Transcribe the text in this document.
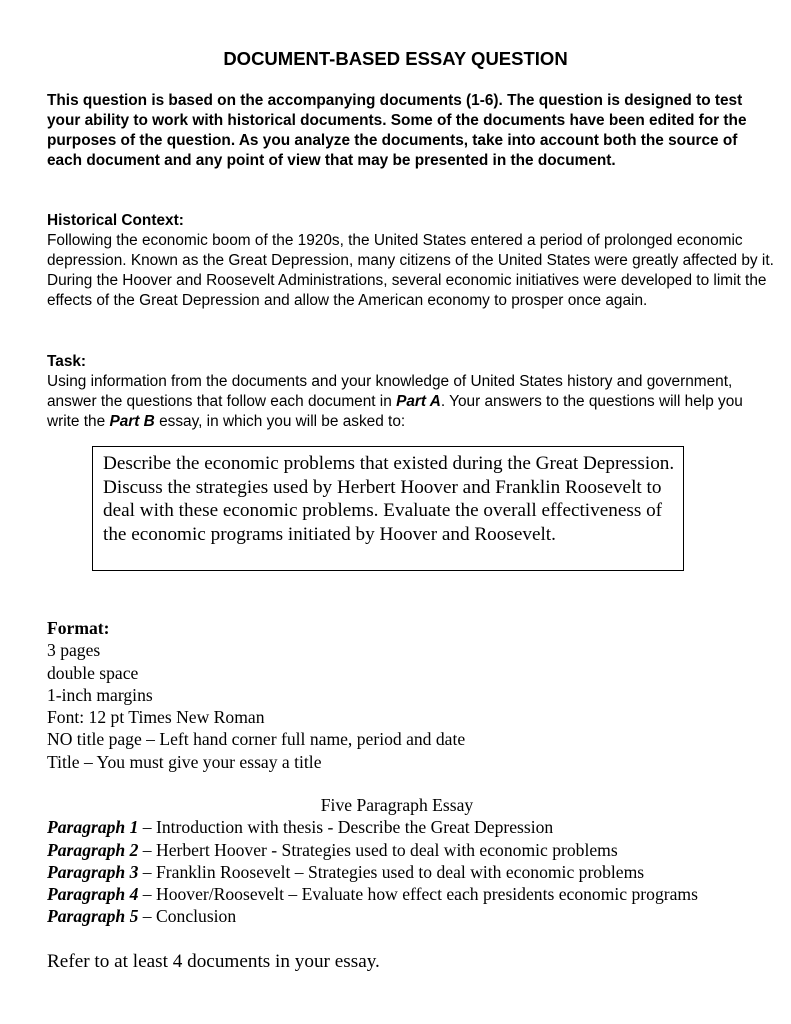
DOCUMENT-BASED ESSAY QUESTION
This question is based on the accompanying documents (1-6). The question is designed to test your ability to work with historical documents. Some of the documents have been edited for the purposes of the question. As you analyze the documents, take into account both the source of each document and any point of view that may be presented in the document.
Historical Context:
Following the economic boom of the 1920s, the United States entered a period of prolonged economic depression. Known as the Great Depression, many citizens of the United States were greatly affected by it. During the Hoover and Roosevelt Administrations, several economic initiatives were developed to limit the effects of the Great Depression and allow the American economy to prosper once again.
Task:
Using information from the documents and your knowledge of United States history and government, answer the questions that follow each document in Part A. Your answers to the questions will help you write the Part B essay, in which you will be asked to:
Describe the economic problems that existed during the Great Depression. Discuss the strategies used by Herbert Hoover and Franklin Roosevelt to deal with these economic problems. Evaluate the overall effectiveness of the economic programs initiated by Hoover and Roosevelt.
Format:
3 pages
double space
1-inch margins
Font: 12 pt Times New Roman
NO title page – Left hand corner full name, period and date
Title – You must give your essay a title
Five Paragraph Essay
Paragraph 1 – Introduction with thesis - Describe the Great Depression
Paragraph 2 – Herbert Hoover - Strategies used to deal with economic problems
Paragraph 3 – Franklin Roosevelt – Strategies used to deal with economic problems
Paragraph 4 – Hoover/Roosevelt – Evaluate how effect each presidents economic programs
Paragraph 5 – Conclusion
Refer to at least 4 documents in your essay.
